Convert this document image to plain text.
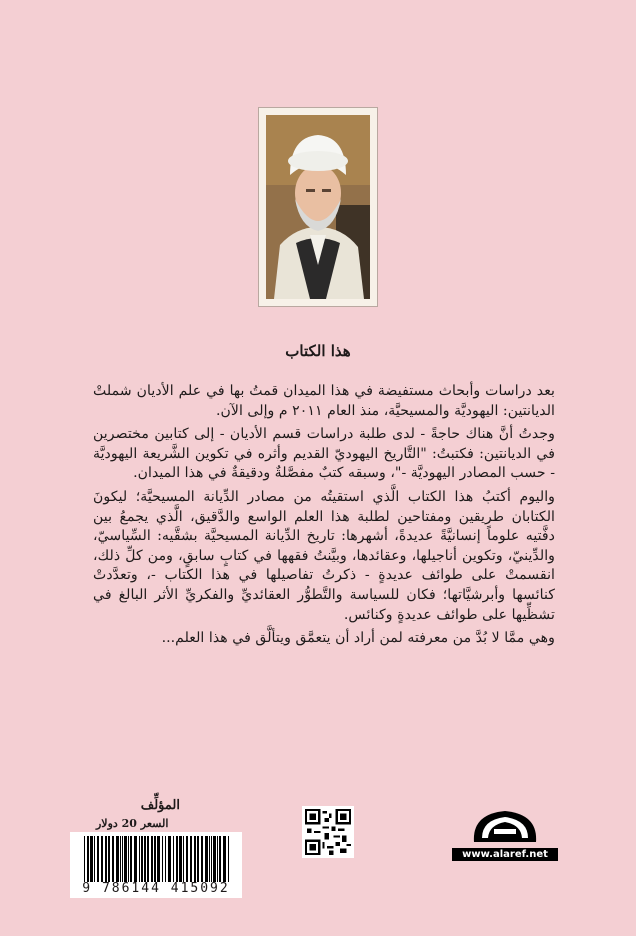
هذا الكتاب

بعد دراسات وأبحاث مستفيضة في هذا الميدان قمتُ بها في علم الأديان شملتْ الديانتين: اليهوديَّة والمسيحيَّة، منذ العام ٢٠١١ م وإلى الآن.

وجدتُ أنَّ هناك حاجةً - لدى طلبة دراسات قسم الأديان - إلى كتابين مختصرين في الديانتين: فكتبتُ: "التَّاريخ اليهوديّ القديم وأثره في تكوين الشَّريعة اليهوديَّة - حسب المصادر اليهوديَّة -"، وسبقه كتبٌ مفصَّلةٌ ودقيقةٌ في هذا الميدان.

واليوم أكتبُ هذا الكتاب الَّذي استقيتُه من مصادر الدِّيانة المسيحيَّة؛ ليكونَ الكتابان طريقين ومفتاحين لطلبة هذا العلم الواسع والدَّقيق، الَّذي يجمعُ بين دفَّتيه علوماً إنسانيَّةً عديدةً، أشهرها: تاريخ الدِّيانة المسيحيَّة بشقَّيه: السِّياسيّ، والدِّينيّ، وتكوين أناجيلها، وعقائدها، وبيَّنتُ فقهها في كتابٍ سابقٍ، ومن كلِّ ذلك، انقسمتْ على طوائف عديدةٍ - ذكرتُ تفاصيلها في هذا الكتاب -، وتعدَّدتْ كنائسها وأبرشيَّاتها؛ فكان للسياسة والتَّطوُّر العقائديِّ والفكريِّ الأثر البالغ في تشظِّيها على طوائف عديدةٍ وكنائس.

وهي ممَّا لا بُدَّ من معرفته لمن أراد أن يتعمَّق ويتألَّق في هذا العلم...

المؤلِّف
السعر 20 دولار
9 786144 415092
www.alaref.net
